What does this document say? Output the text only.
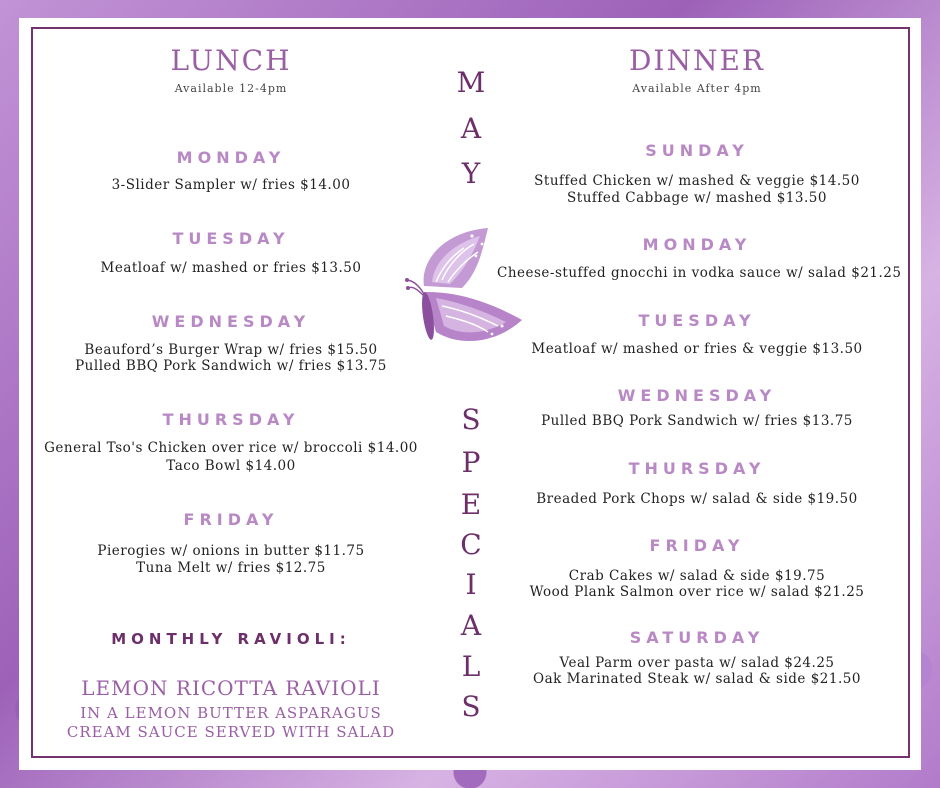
LUNCH
Available 12-4pm
MONDAY
3-Slider Sampler w/ fries $14.00
TUESDAY
Meatloaf w/ mashed or fries $13.50
WEDNESDAY
Beauford’s Burger Wrap w/ fries $15.50
Pulled BBQ Pork Sandwich w/ fries $13.75
THURSDAY
General Tso's Chicken over rice w/ broccoli $14.00
Taco Bowl $14.00
FRIDAY
Pierogies w/ onions in butter $11.75
Tuna Melt w/ fries $12.75
MONTHLY RAVIOLI:
LEMON RICOTTA RAVIOLI
IN A LEMON BUTTER ASPARAGUS
CREAM SAUCE SERVED WITH SALAD
DINNER
Available After 4pm
SUNDAY
Stuffed Chicken w/ mashed & veggie $14.50
Stuffed Cabbage w/ mashed $13.50
MONDAY
Cheese-stuffed gnocchi in vodka sauce w/ salad $21.25
TUESDAY
Meatloaf w/ mashed or fries & veggie $13.50
WEDNESDAY
Pulled BBQ Pork Sandwich w/ fries $13.75
THURSDAY
Breaded Pork Chops w/ salad & side $19.50
FRIDAY
Crab Cakes w/ salad & side $19.75
Wood Plank Salmon over rice w/ salad $21.25
SATURDAY
Veal Parm over pasta w/ salad $24.25
Oak Marinated Steak w/ salad & side $21.50
M
A
Y
S
P
E
C
I
A
L
S
